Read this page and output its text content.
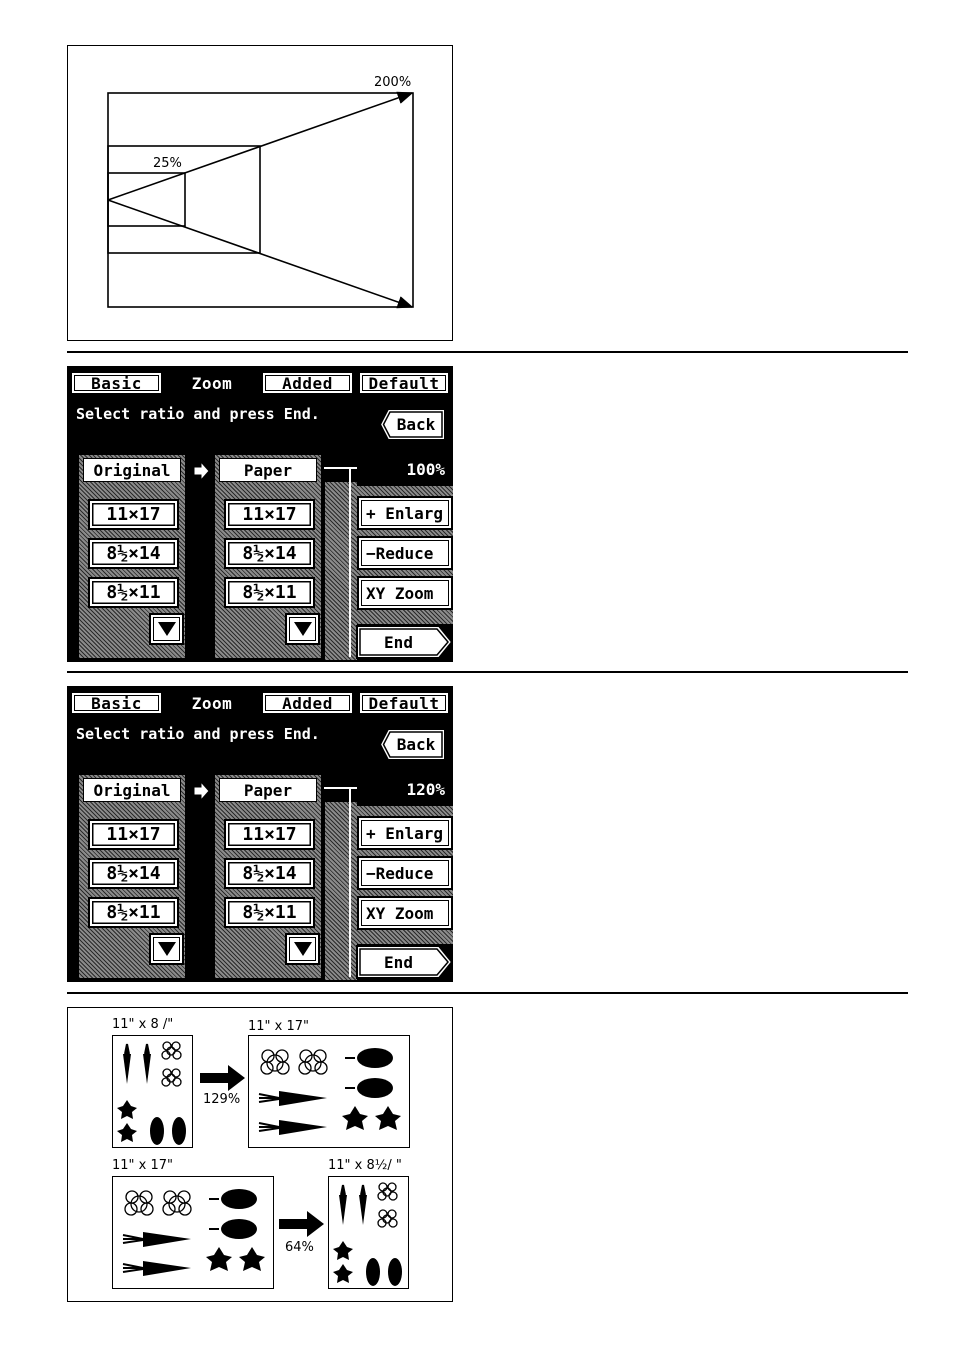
200%
25%
Basic	Zoom	Added	Default
Select ratio and press End.
Back
Original
11×17
8½×14
8½×11
Paper
11×17
8½×14
8½×11
100%
+ Enlarg
−Reduce
XY Zoom
End
Basic	Zoom	Added	Default
Select ratio and press End.
Back
Original
11×17
8½×14
8½×11
Paper
11×17
8½×14
8½×11
120%
+ Enlarg
−Reduce
XY Zoom
End
11" x 8 /"	11" x 17"
129%
11" x 17"	11" x 8½/ "
64%
